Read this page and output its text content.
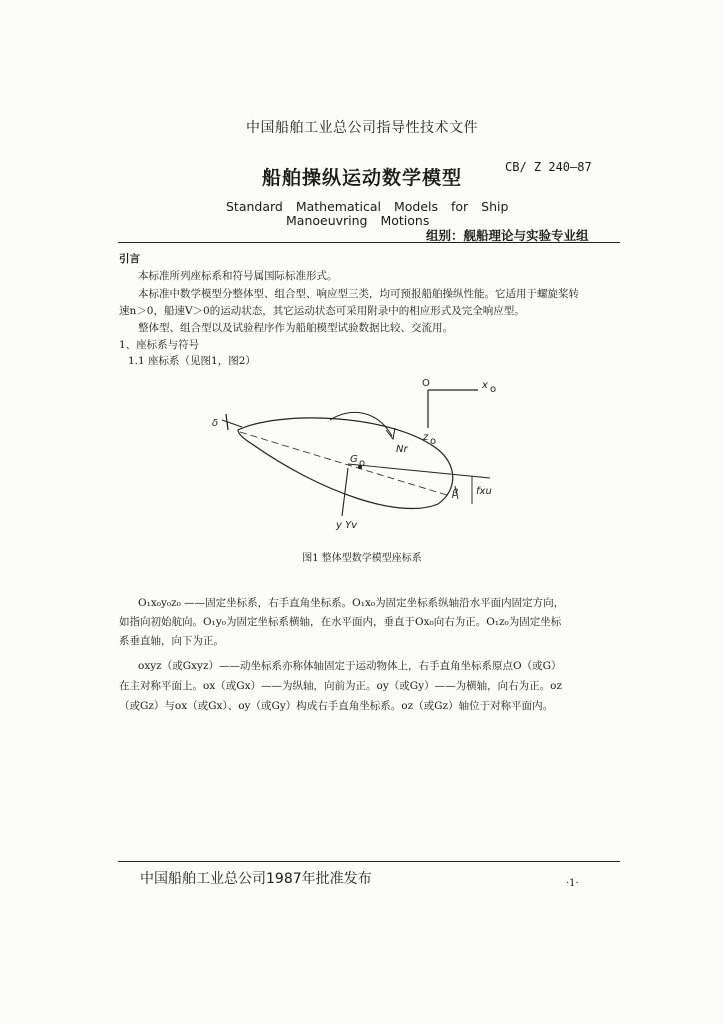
中国船舶工业总公司指导性技术文件
船舶操纵运动数学模型	CB/ Z 240—87
Standard Mathematical Models for Ship
Manoeuvring Motions
组别：舰船理论与实验专业组
引言
本标准所列座标系和符号属国际标准形式。
本标准中数学模型分整体型、组合型、响应型三类，均可预报船舶操纵性能。它适用于螺旋桨转
速n＞0，船速V＞0的运动状态，其它运动状态可采用附录中的相应形式及完全响应型。
整体型、组合型以及试验程序作为船舶模型试验数据比较、交流用。
1、座标系与符号
1.1 座标系（见图1，图2）
O	x o
z o
δ
Nr
G o
y Yv
β fxu
图1 整体型数学模型座标系
O₁x₀y₀z₀ ——固定坐标系，右手直角坐标系。O₁x₀为固定坐标系纵轴沿水平面内固定方向，
如指向初始航向。O₁y₀为固定坐标系横轴，在水平面内，垂直于Ox₀向右为正。O₁z₀为固定坐标
系垂直轴，向下为正。
oxyz（或Gxyz）——动坐标系亦称体轴固定于运动物体上，右手直角坐标系原点O（或G）
在主对称平面上。ox（或Gx）——为纵轴，向前为正。oy（或Gy）——为横轴，向右为正。oz
（或Gz）与ox（或Gx）、oy（或Gy）构成右手直角坐标系。oz（或Gz）轴位于对称平面内。
中国船舶工业总公司1987年批准发布	·1·
